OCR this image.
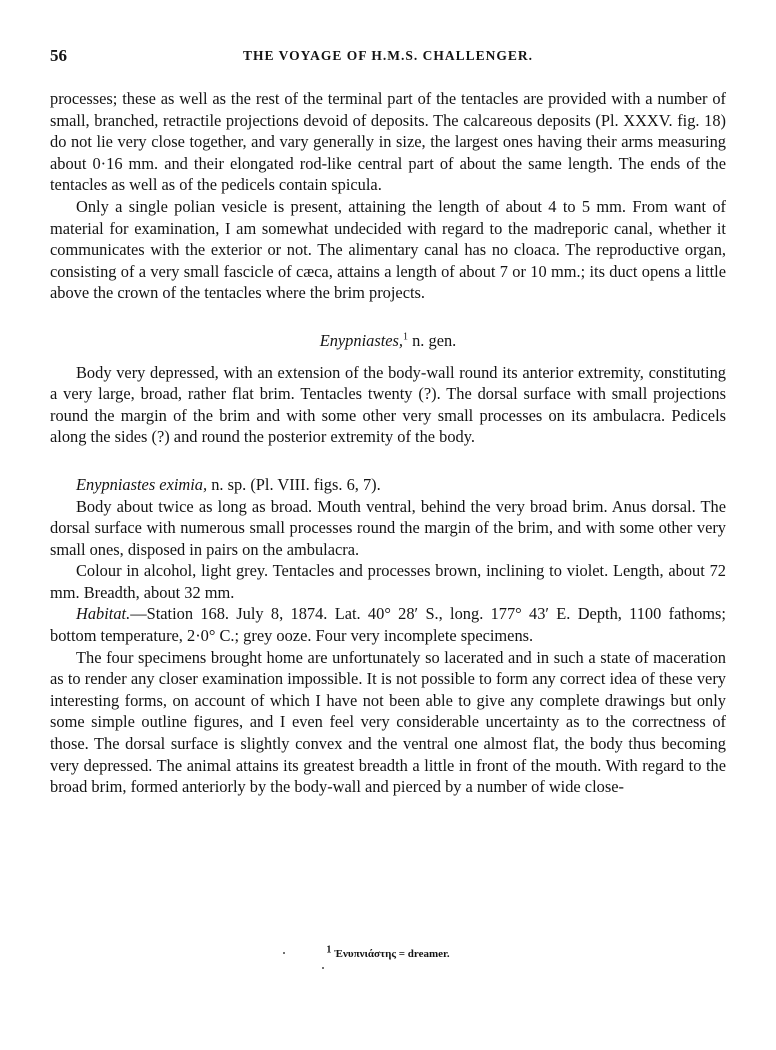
56	THE VOYAGE OF H.M.S. CHALLENGER.

processes; these as well as the rest of the terminal part of the tentacles are provided with a number of small, branched, retractile projections devoid of deposits. The calcareous deposits (Pl. XXXV. fig. 18) do not lie very close together, and vary generally in size, the largest ones having their arms measuring about 0·16 mm. and their elongated rod-like central part of about the same length. The ends of the tentacles as well as of the pedicels contain spicula.

Only a single polian vesicle is present, attaining the length of about 4 to 5 mm. From want of material for examination, I am somewhat undecided with regard to the madreporic canal, whether it communicates with the exterior or not. The alimentary canal has no cloaca. The reproductive organ, consisting of a very small fascicle of cæca, attains a length of about 7 or 10 mm.; its duct opens a little above the crown of the tentacles where the brim projects.

Enypniastes,$^1$ n. gen.

Body very depressed, with an extension of the body-wall round its anterior extremity, constituting a very large, broad, rather flat brim. Tentacles twenty (?). The dorsal surface with small projections round the margin of the brim and with some other very small processes on its ambulacra. Pedicels along the sides (?) and round the posterior extremity of the body.

Enypniastes eximia, n. sp. (Pl. VIII. figs. 6, 7).

Body about twice as long as broad. Mouth ventral, behind the very broad brim. Anus dorsal. The dorsal surface with numerous small processes round the margin of the brim, and with some other very small ones, disposed in pairs on the ambulacra.

Colour in alcohol, light grey. Tentacles and processes brown, inclining to violet. Length, about 72 mm. Breadth, about 32 mm.

Habitat.—Station 168. July 8, 1874. Lat. 40° 28′ S., long. 177° 43′ E. Depth, 1100 fathoms; bottom temperature, 2·0° C.; grey ooze. Four very incomplete specimens.

The four specimens brought home are unfortunately so lacerated and in such a state of maceration as to render any closer examination impossible. It is not possible to form any correct idea of these very interesting forms, on account of which I have not been able to give any complete drawings but only some simple outline figures, and I even feel very considerable uncertainty as to the correctness of those. The dorsal surface is slightly convex and the ventral one almost flat, the body thus becoming very depressed. The animal attains its greatest breadth a little in front of the mouth. With regard to the broad brim, formed anteriorly by the body-wall and pierced by a number of wide close-

$^1$ Ἐνυπνιάστης = dreamer.
